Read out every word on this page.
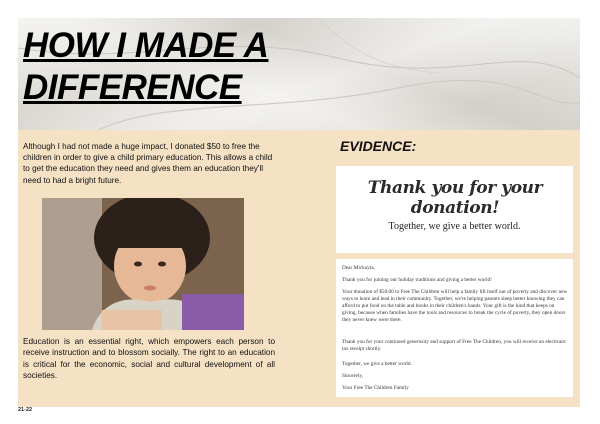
HOW I MADE A
DIFFERENCE

Although I had not made a huge impact, I donated $50 to free the children in order to give a child primary education. This allows a child to get the education they need and gives them an education they'll need to had a bright future.

Education is an essential right, which empowers each person to receive instruction and to blossom socially. The right to an education is critical for the economic, social and cultural development of all societies.

EVIDENCE:
Thank you for your donation!
Together, we give a better world.

Dear Mickayla,

Thank you for joining our holiday traditions and giving a better world!

Your donation of $50.00 to Free The Children will help a family lift itself out of poverty and discover new ways to learn and lead in their community. Together, we're helping parents sleep better knowing they can afford to put food on the table and books in their children's hands. Your gift is the kind that keeps on giving, because when families have the tools and resources to break the cycle of poverty, they open doors they never knew were there.

Thank you for your continued generosity and support of Free The Children, you will receive an electronic tax receipt shortly.

Together, we give a better world.

Sincerely,

Your Free The Children Family

21-22
